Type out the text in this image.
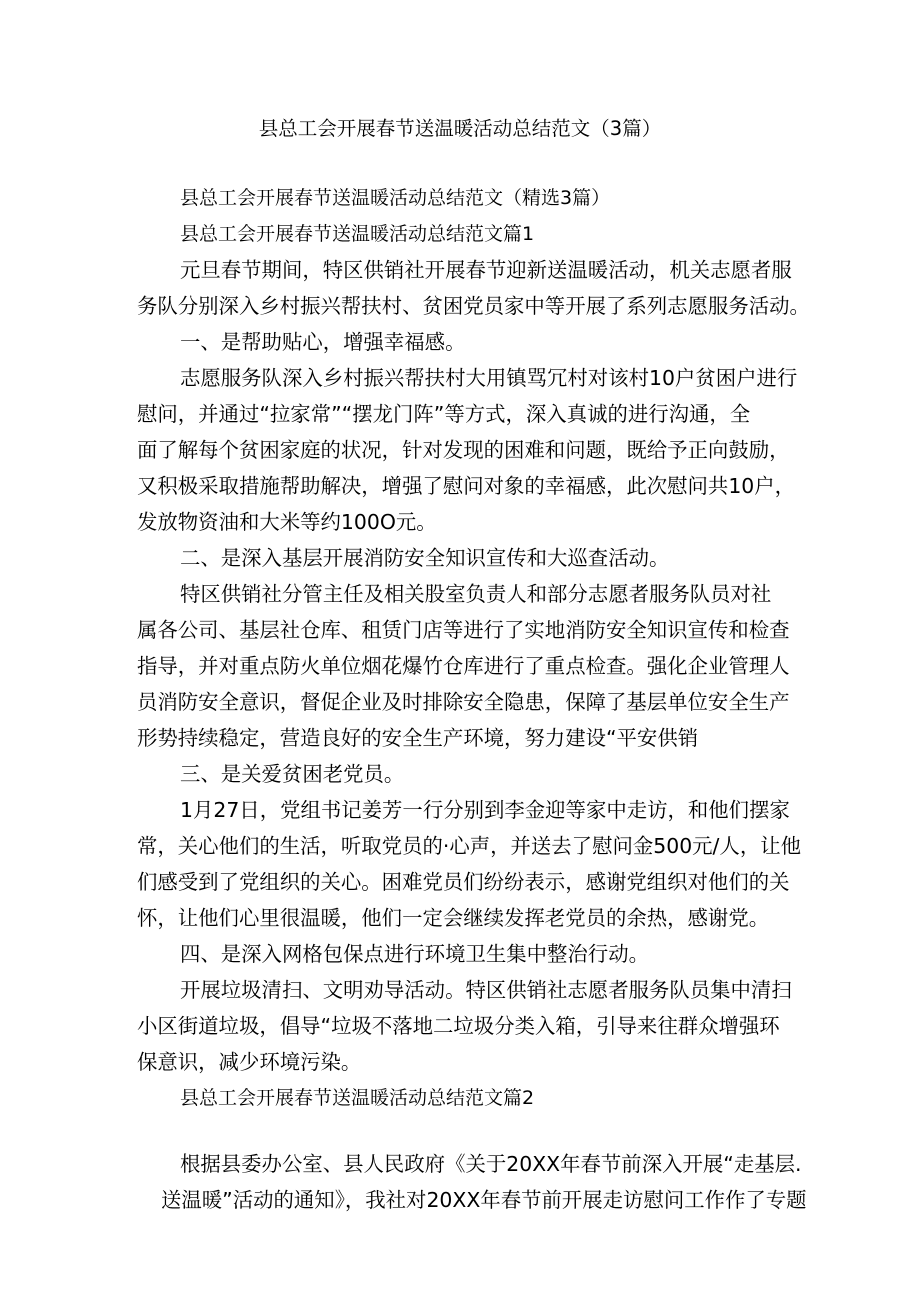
县总工会开展春节送温暖活动总结范文（3篇）
县总工会开展春节送温暖活动总结范文（精选3篇）
县总工会开展春节送温暖活动总结范文篇1
元旦春节期间，特区供销社开展春节迎新送温暖活动，机关志愿者服
务队分别深入乡村振兴帮扶村、贫困党员家中等开展了系列志愿服务活动。
一、是帮助贴心，增强幸福感。
志愿服务队深入乡村振兴帮扶村大用镇骂冗村对该村10户贫困户进行
慰问，并通过“拉家常”“摆龙门阵”等方式，深入真诚的进行沟通，全
面了解每个贫困家庭的状况，针对发现的困难和问题，既给予正向鼓励，
又积极采取措施帮助解决，增强了慰问对象的幸福感，此次慰问共10户，
发放物资油和大米等约100O元。
二、是深入基层开展消防安全知识宣传和大巡查活动。
特区供销社分管主任及相关股室负责人和部分志愿者服务队员对社
属各公司、基层社仓库、租赁门店等进行了实地消防安全知识宣传和检查
指导，并对重点防火单位烟花爆竹仓库进行了重点检查。强化企业管理人
员消防安全意识，督促企业及时排除安全隐患，保障了基层单位安全生产
形势持续稳定，营造良好的安全生产环境，努力建设“平安供销
三、是关爱贫困老党员。
1月27日，党组书记姜芳一行分别到李金迎等家中走访，和他们摆家
常，关心他们的生活，听取党员的·心声，并送去了慰问金500元/人，让他
们感受到了党组织的关心。困难党员们纷纷表示，感谢党组织对他们的关
怀，让他们心里很温暖，他们一定会继续发挥老党员的余热，感谢党。
四、是深入网格包保点进行环境卫生集中整治行动。
开展垃圾清扫、文明劝导活动。特区供销社志愿者服务队员集中清扫
小区街道垃圾，倡导“垃圾不落地二垃圾分类入箱，引导来往群众增强环
保意识，减少环境污染。
县总工会开展春节送温暖活动总结范文篇2
根据县委办公室、县人民政府《关于20XX年春节前深入开展“走基层.
送温暖”活动的通知》，我社对20XX年春节前开展走访慰问工作作了专题
